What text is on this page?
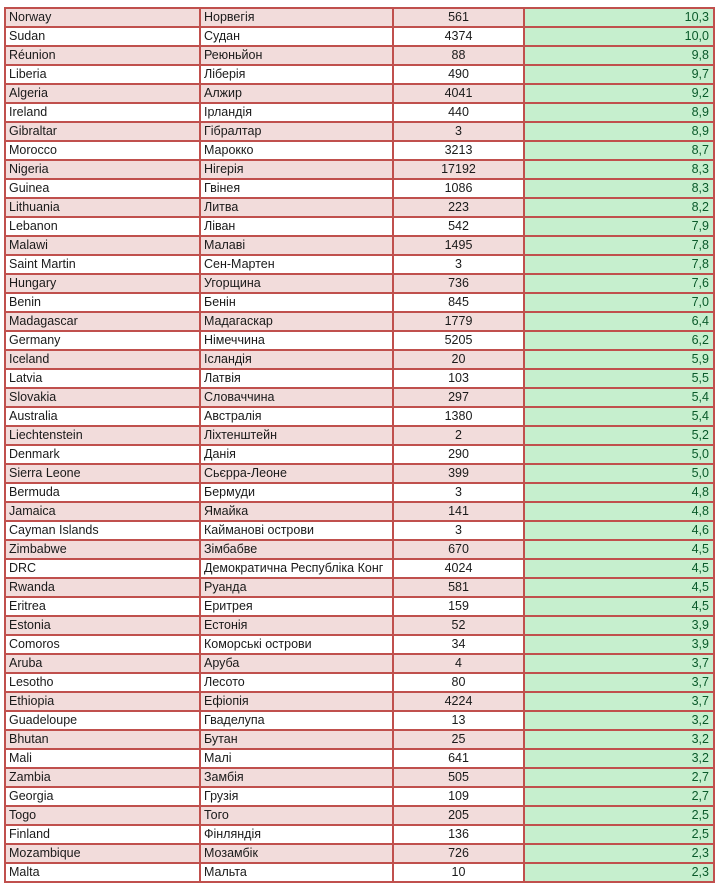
Norway	Норвегія	561	10,3
Sudan	Судан	4374	10,0
Réunion	Реюньйон	88	9,8
Liberia	Ліберія	490	9,7
Algeria	Алжир	4041	9,2
Ireland	Ірландія	440	8,9
Gibraltar	Гібралтар	3	8,9
Morocco	Марокко	3213	8,7
Nigeria	Нігерія	17192	8,3
Guinea	Гвінея	1086	8,3
Lithuania	Литва	223	8,2
Lebanon	Ліван	542	7,9
Malawi	Малаві	1495	7,8
Saint Martin	Сен-Мартен	3	7,8
Hungary	Угорщина	736	7,6
Benin	Бенін	845	7,0
Madagascar	Мадагаскар	1779	6,4
Germany	Німеччина	5205	6,2
Iceland	Ісландія	20	5,9
Latvia	Латвія	103	5,5
Slovakia	Словаччина	297	5,4
Australia	Австралія	1380	5,4
Liechtenstein	Ліхтенштейн	2	5,2
Denmark	Данія	290	5,0
Sierra Leone	Сьєрра-Леоне	399	5,0
Bermuda	Бермуди	3	4,8
Jamaica	Ямайка	141	4,8
Cayman Islands	Кайманові острови	3	4,6
Zimbabwe	Зімбабве	670	4,5
DRC	Демократична Республіка Конг	4024	4,5
Rwanda	Руанда	581	4,5
Eritrea	Еритрея	159	4,5
Estonia	Естонія	52	3,9
Comoros	Коморські острови	34	3,9
Aruba	Аруба	4	3,7
Lesotho	Лесото	80	3,7
Ethiopia	Ефіопія	4224	3,7
Guadeloupe	Гваделупа	13	3,2
Bhutan	Бутан	25	3,2
Mali	Малі	641	3,2
Zambia	Замбія	505	2,7
Georgia	Грузія	109	2,7
Togo	Того	205	2,5
Finland	Фінляндія	136	2,5
Mozambique	Мозамбік	726	2,3
Malta	Мальта	10	2,3
